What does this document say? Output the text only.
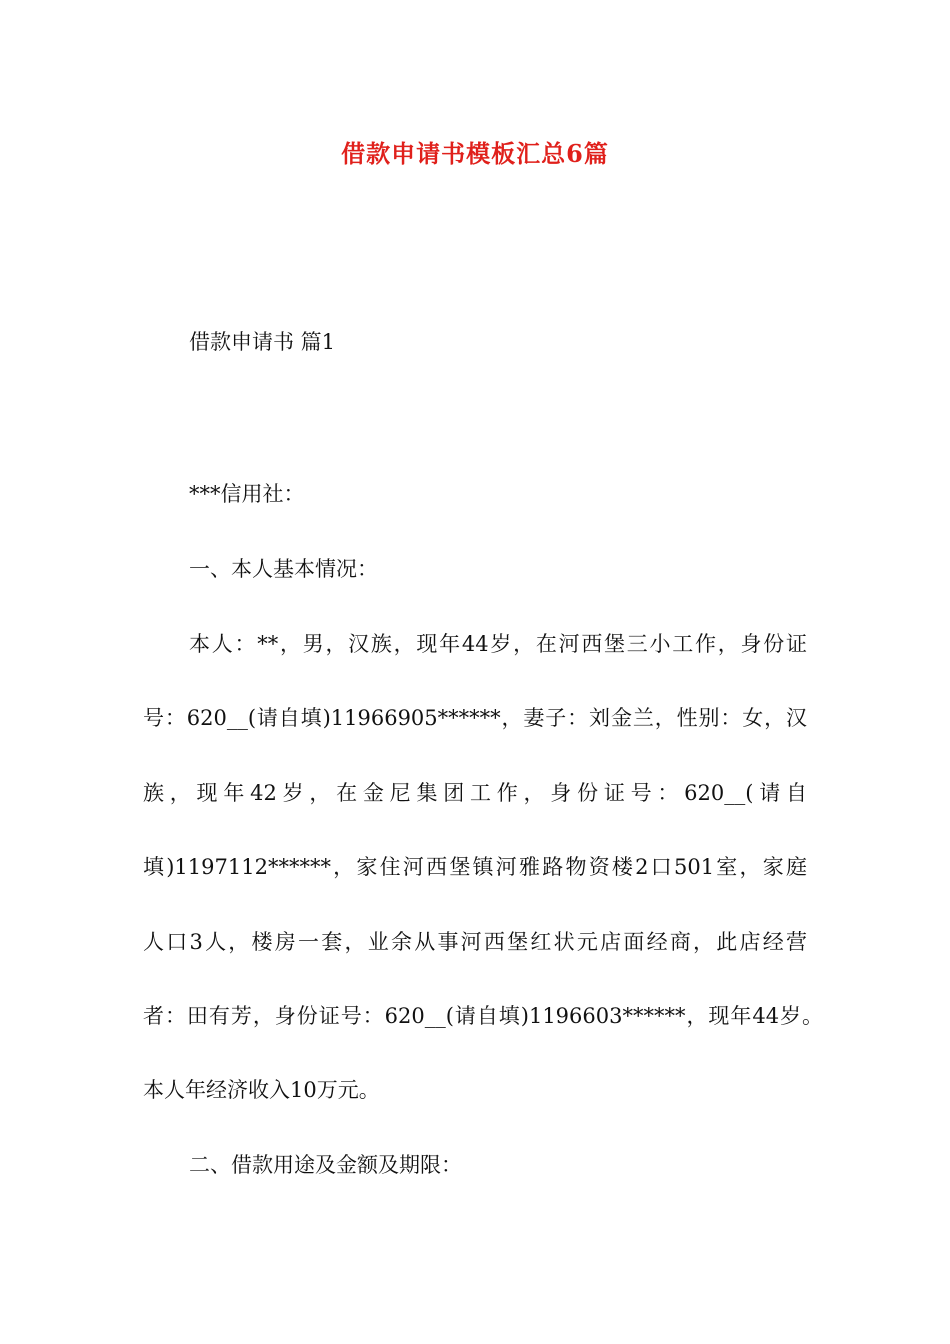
借款申请书模板汇总6篇
借款申请书 篇1
***信用社：
一、本人基本情况：
本人：**，男，汉族，现年44岁，在河西堡三小工作，身份证
号：620__(请自填)11966905******，妻子：刘金兰，性别：女，汉
族，现年42岁，在金尼集团工作，身份证号：620__(请自
填)1197112******，家住河西堡镇河雅路物资楼2口501室，家庭
人口3人，楼房一套，业余从事河西堡红状元店面经商，此店经营
者：田有芳，身份证号：620__(请自填)1196603******，现年44岁。
本人年经济收入10万元。
二、借款用途及金额及期限：
